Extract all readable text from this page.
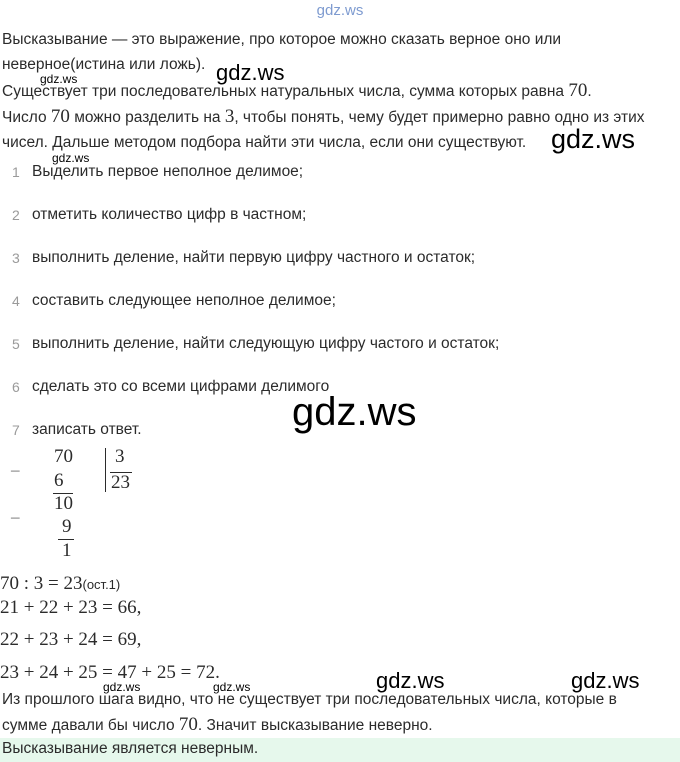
gdz.ws
Высказывание — это выражение, про которое можно сказать верное оно или
неверное(истина или ложь). gdz.ws
gdz.ws
Существует три последовательных натуральных числа, сумма которых равна 70.
Число 70 можно разделить на 3, чтобы понять, чему будет примерно равно одно из этих
чисел. Дальше методом подбора найти эти числа, если они существуют. gdz.ws
gdz.ws
1 Выделить первое неполное делимое;
2 отметить количество цифр в частном;
3 выполнить деление, найти первую цифру частного и остаток;
4 составить следующее неполное делимое;
5 выполнить деление, найти следующую цифру частого и остаток;
6 сделать это со всеми цифрами делимого
gdz.ws
7 записать ответ.
−
70 3
6	23
10
− 9
1
70 : 3 = 23(ост.1)
21 + 22 + 23 = 66,
22 + 23 + 24 = 69,
23 + 24 + 25 = 47 + 25 = 72.	gdz.ws	gdz.ws
gdz.ws	gdz.ws
Из прошлого шага видно, что не существует три последовательных числа, которые в
сумме давали бы число 70. Значит высказывание неверно.
Высказывание является неверным.
